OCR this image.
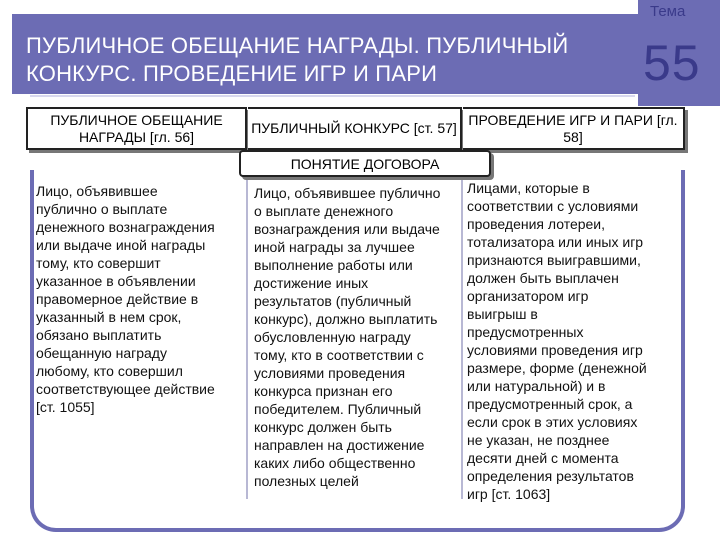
ПУБЛИЧНОЕ ОБЕЩАНИЕ НАГРАДЫ. ПУБЛИЧНЫЙ КОНКУРС. ПРОВЕДЕНИЕ ИГР И ПАРИ
Тема
55
ПУБЛИЧНОЕ ОБЕЩАНИЕ НАГРАДЫ [гл. 56]
ПУБЛИЧНЫЙ КОНКУРС [ст. 57]
ПРОВЕДЕНИЕ ИГР И ПАРИ [гл. 58]
ПОНЯТИЕ ДОГОВОРА
Лицо, объявившее
публично о выплате
денежного вознаграждения
или выдаче иной награды
тому, кто совершит
указанное в объявлении
правомерное действие в
указанный в нем срок,
обязано выплатить
обещанную награду
любому, кто совершил
соответствующее действие
[ст. 1055]
Лицо, объявившее публично
о выплате денежного
вознаграждения или выдаче
иной награды за лучшее
выполнение работы или
достижение иных
результатов (публичный
конкурс), должно выплатить
обусловленную награду
тому, кто в соответствии с
условиями проведения
конкурса признан его
победителем. Публичный
конкурс должен быть
направлен на достижение
каких либо общественно
полезных целей
Лицами, которые в
соответствии с условиями
проведения лотереи,
тотализатора или иных игр
признаются выигравшими,
должен быть выплачен
организатором игр
выигрыш в
предусмотренных
условиями проведения игр
размере, форме (денежной
или натуральной) и в
предусмотренный срок, а
если срок в этих условиях
не указан, не позднее
десяти дней с момента
определения результатов
игр [ст. 1063]
